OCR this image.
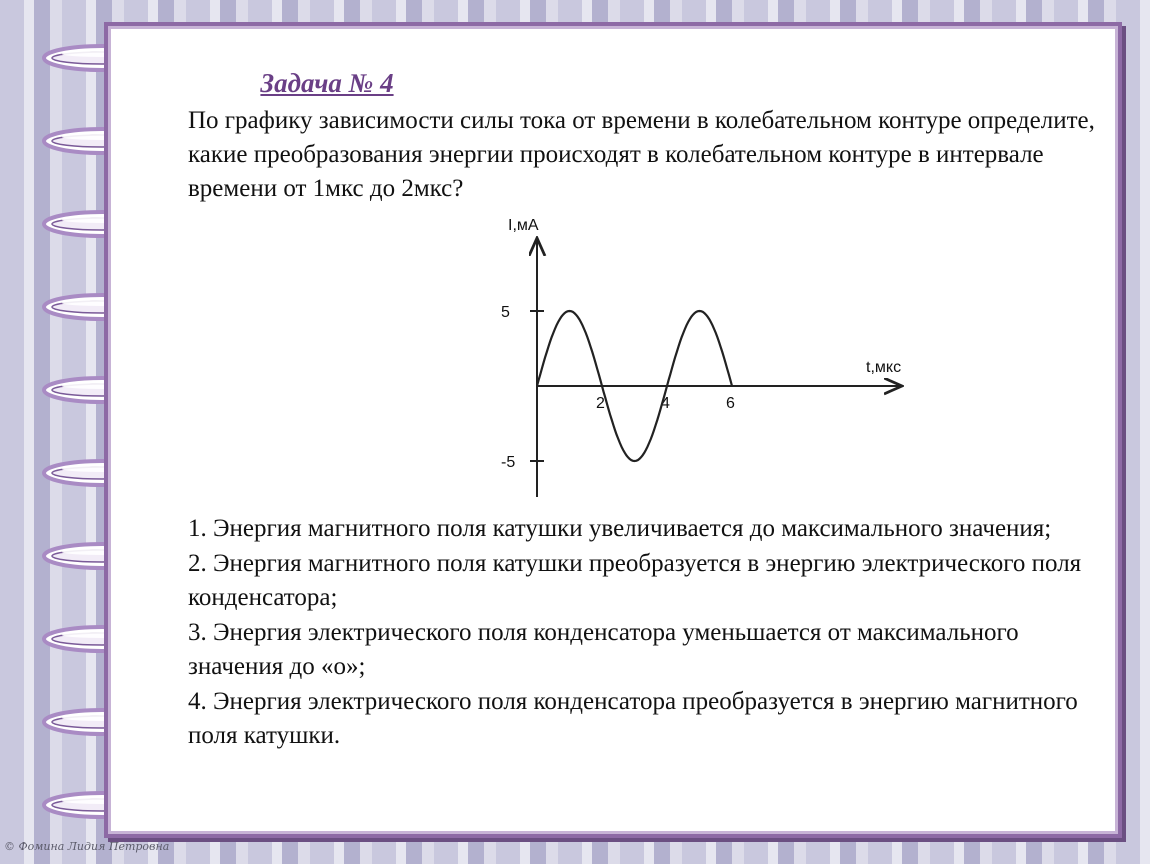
Задача № 4
По графику зависимости силы тока от времени в колебательном контуре определите, какие преобразования энергии происходят в колебательном контуре в интервале времени от 1мкс до 2мкс?
I,мА
t,мкс
5
-5
2	4	6

1. Энергия магнитного поля катушки увеличивается до максимального значения;

2. Энергия магнитного поля катушки преобразуется в энергию электрического поля конденсатора;

3. Энергия электрического поля конденсатора уменьшается от максимального значения до «о»;

4. Энергия электрического поля конденсатора преобразуется в энергию магнитного поля катушки.

© Фомина Лидия Петровна
